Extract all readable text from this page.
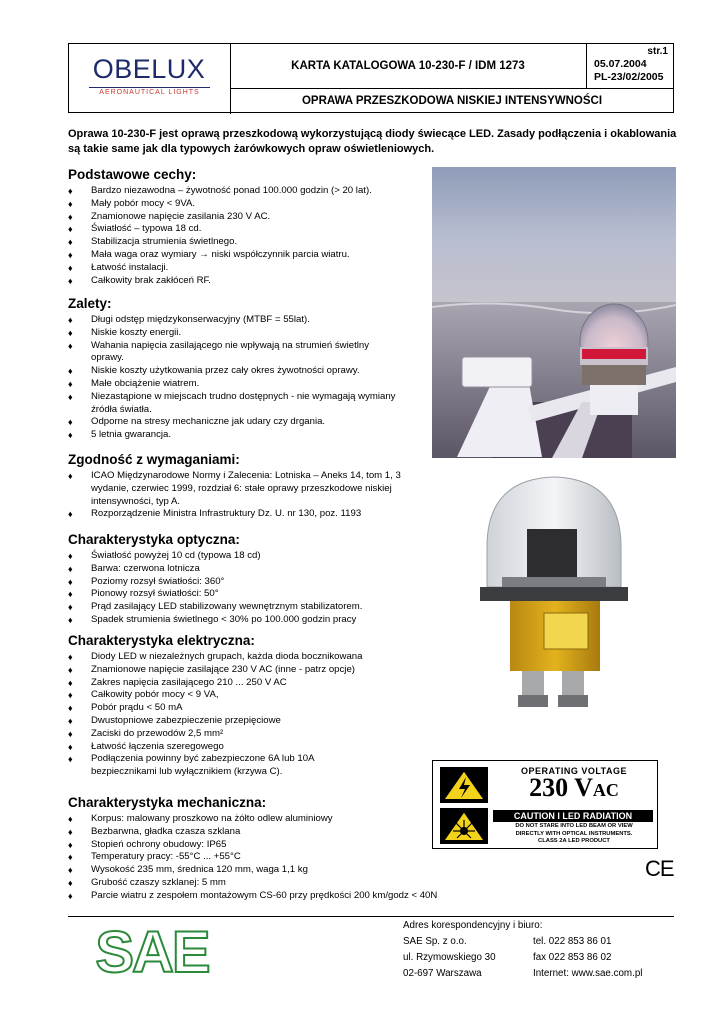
OBELUX
AERONAUTICAL LIGHTS
KARTA KATALOGOWA 10-230-F / IDM 1273
str.1
05.07.2004
PL-23/02/2005
OPRAWA PRZESZKODOWA NISKIEJ INTENSYWNOŚCI
Oprawa 10-230-F jest oprawą przeszkodową wykorzystującą diody świecące LED. Zasady podłączenia i okablowania są takie same jak dla typowych żarówkowych opraw oświetleniowych.
Podstawowe cechy:
♦ Bardzo niezawodna – żywotność ponad 100.000 godzin (> 20 lat).
♦ Mały pobór mocy < 9VA.
♦ Znamionowe napięcie zasilania 230 V AC.
♦ Światłość – typowa 18 cd.
♦ Stabilizacja strumienia świetlnego.
♦ Mała waga oraz wymiary → niski współczynnik parcia wiatru.
♦ Łatwość instalacji.
♦ Całkowity brak zakłóceń RF.
Zalety:
♦ Długi odstęp międzykonserwacyjny (MTBF = 55lat).
♦ Niskie koszty energii.
♦ Wahania napięcia zasilającego nie wpływają na strumień świetlny oprawy.
♦ Niskie koszty użytkowania przez cały okres żywotności oprawy.
♦ Małe obciążenie wiatrem.
♦ Niezastąpione w miejscach trudno dostępnych - nie wymagają wymiany źródła światła.
♦ Odporne na stresy mechaniczne jak udary czy drgania.
♦ 5 letnia gwarancja.
Zgodność z wymaganiami:
♦ ICAO Międzynarodowe Normy i Zalecenia: Lotniska – Aneks 14, tom 1, 3 wydanie, czerwiec 1999, rozdział 6: stałe oprawy przeszkodowe niskiej intensywności, typ A.
♦ Rozporządzenie Ministra Infrastruktury Dz. U. nr 130, poz. 1193
Charakterystyka optyczna:
♦ Światłość powyżej 10 cd (typowa 18 cd)
♦ Barwa: czerwona lotnicza
♦ Poziomy rozsył światłości: 360°
♦ Pionowy rozsył światłości: 50°
♦ Prąd zasilający LED stabilizowany wewnętrznym stabilizatorem.
♦ Spadek strumienia świetlnego < 30% po 100.000 godzin pracy
Charakterystyka elektryczna:
♦ Diody LED w niezależnych grupach, każda dioda bocznikowana
♦ Znamionowe napięcie zasilające 230 V AC (inne - patrz opcje)
♦ Zakres napięcia zasilającego 210 ... 250 V AC
♦ Całkowity pobór mocy < 9 VA,
♦ Pobór prądu < 50 mA
♦ Dwustopniowe zabezpieczenie przepięciowe
♦ Zaciski do przewodów 2,5 mm²
♦ Łatwość łączenia szeregowego
♦ Podłączenia powinny być zabezpieczone 6A lub 10A bezpiecznikami lub wyłącznikiem (krzywa C).
Charakterystyka mechaniczna:
♦ Korpus: malowany proszkowo na żółto odlew aluminiowy
♦ Bezbarwna, gładka czasza szklana
♦ Stopień ochrony obudowy: IP65
♦ Temperatury pracy: -55°C ... +55°C
♦ Wysokość 235 mm, średnica 120 mm, waga 1,1 kg
♦ Grubość czaszy szklanej: 5 mm
♦ Parcie wiatru z zespołem montażowym CS-60 przy prędkości 200 km/godz < 40N
OPERATING VOLTAGE
230 VAC
CAUTION I LED RADIATION
DO NOT STARE INTO LED BEAM OR VIEW
DIRECTLY WITH OPTICAL INSTRUMENTS.
CLASS 2A LED PRODUCT
CE
SAE	Adres korespondencyjny i biuro:
SAE Sp. z o.o.
ul. Rzymowskiego 30
02-697 Warszawa
tel. 022 853 86 01
fax 022 853 86 02
Internet: www.sae.com.pl
